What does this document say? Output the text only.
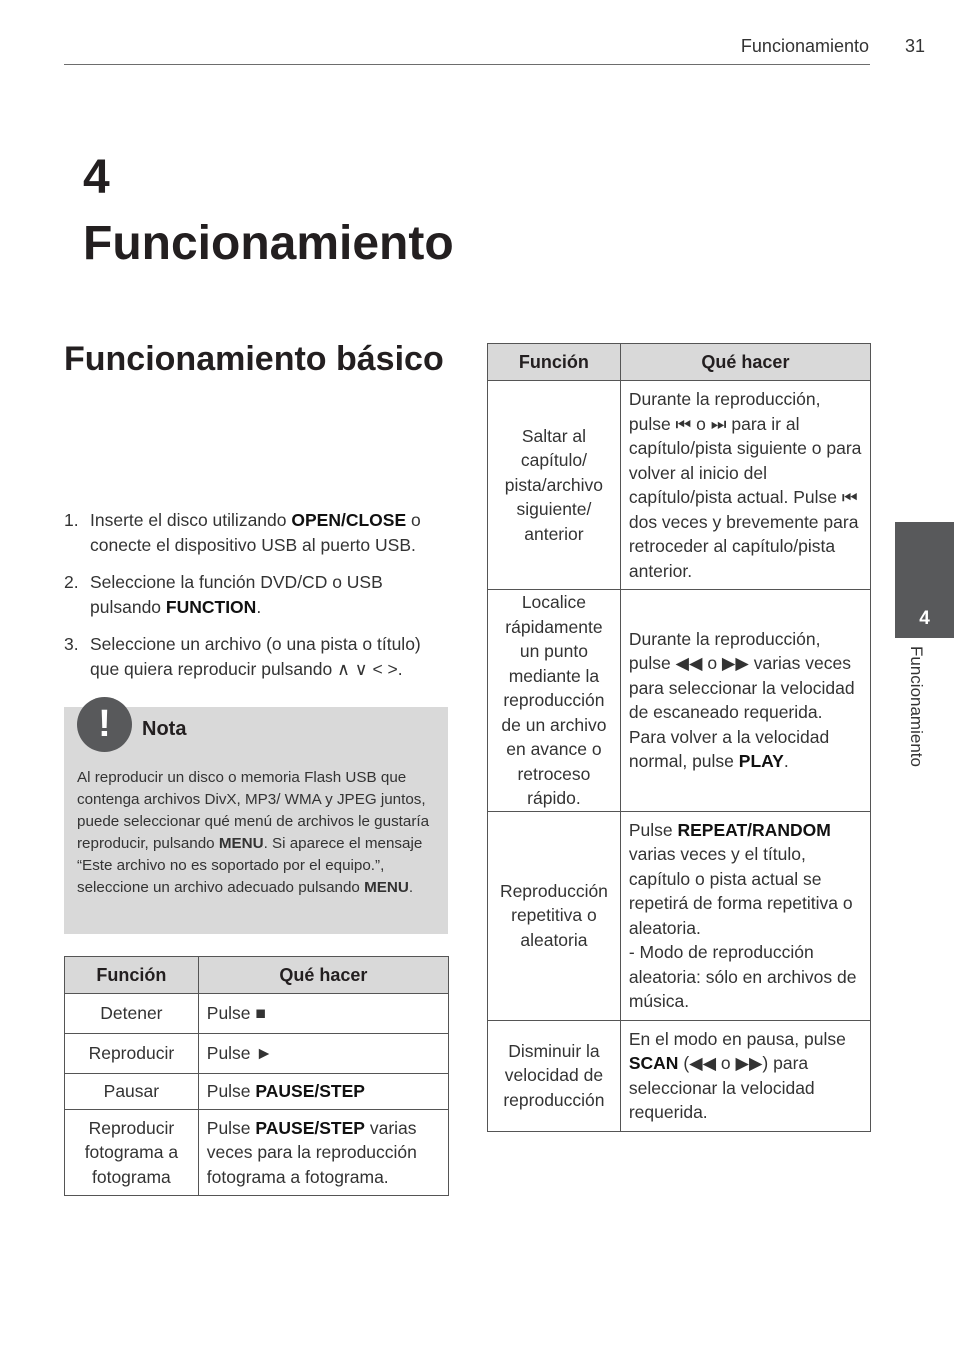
Funcionamiento 31
4
Funcionamiento
Funcionamiento básico
1. Inserte el disco utilizando OPEN/CLOSE o conecte el dispositivo USB al puerto USB.
2. Seleccione la función DVD/CD o USB pulsando FUNCTION.
3. Seleccione un archivo (o una pista o título) que quiera reproducir pulsando ∧ ∨ < >.
!	Nota
Al reproducir un disco o memoria Flash USB que contenga archivos DivX, MP3/ WMA y JPEG juntos, puede seleccionar qué menú de archivos le gustaría reproducir, pulsando MENU. Si aparece el mensaje “Este archivo no es soportado por el equipo.”, seleccione un archivo adecuado pulsando MENU.
Función	Qué hacer
Detener	Pulse ■
Reproducir	Pulse ►
Pausar	Pulse PAUSE/STEP
Reproducir fotograma a fotograma	Pulse PAUSE/STEP varias veces para la reproducción fotograma a fotograma.
Función	Qué hacer
Saltar al capítulo/ pista/archivo siguiente/ anterior	Durante la reproducción, pulse ⏮ o ⏭ para ir al capítulo/pista siguiente o para volver al inicio del capítulo/pista actual. Pulse ⏮ dos veces y brevemente para retroceder al capítulo/pista anterior.

Localice rápidamente un punto mediante la reproducción de un archivo en avance o retroceso rápido.	Durante la reproducción, pulse ◀◀ o ▶▶ varias veces para seleccionar la velocidad de escaneado requerida. Para volver a la velocidad normal, pulse PLAY.
Reproducción repetitiva o aleatoria	Pulse REPEAT/RANDOM varias veces y el título, capítulo o pista actual se repetirá de forma repetitiva o aleatoria.
- Modo de reproducción aleatoria: sólo en archivos de música.
Disminuir la velocidad de reproducción	En el modo en pausa, pulse SCAN (◀◀ o ▶▶) para seleccionar la velocidad requerida.

4
Funcionamiento
